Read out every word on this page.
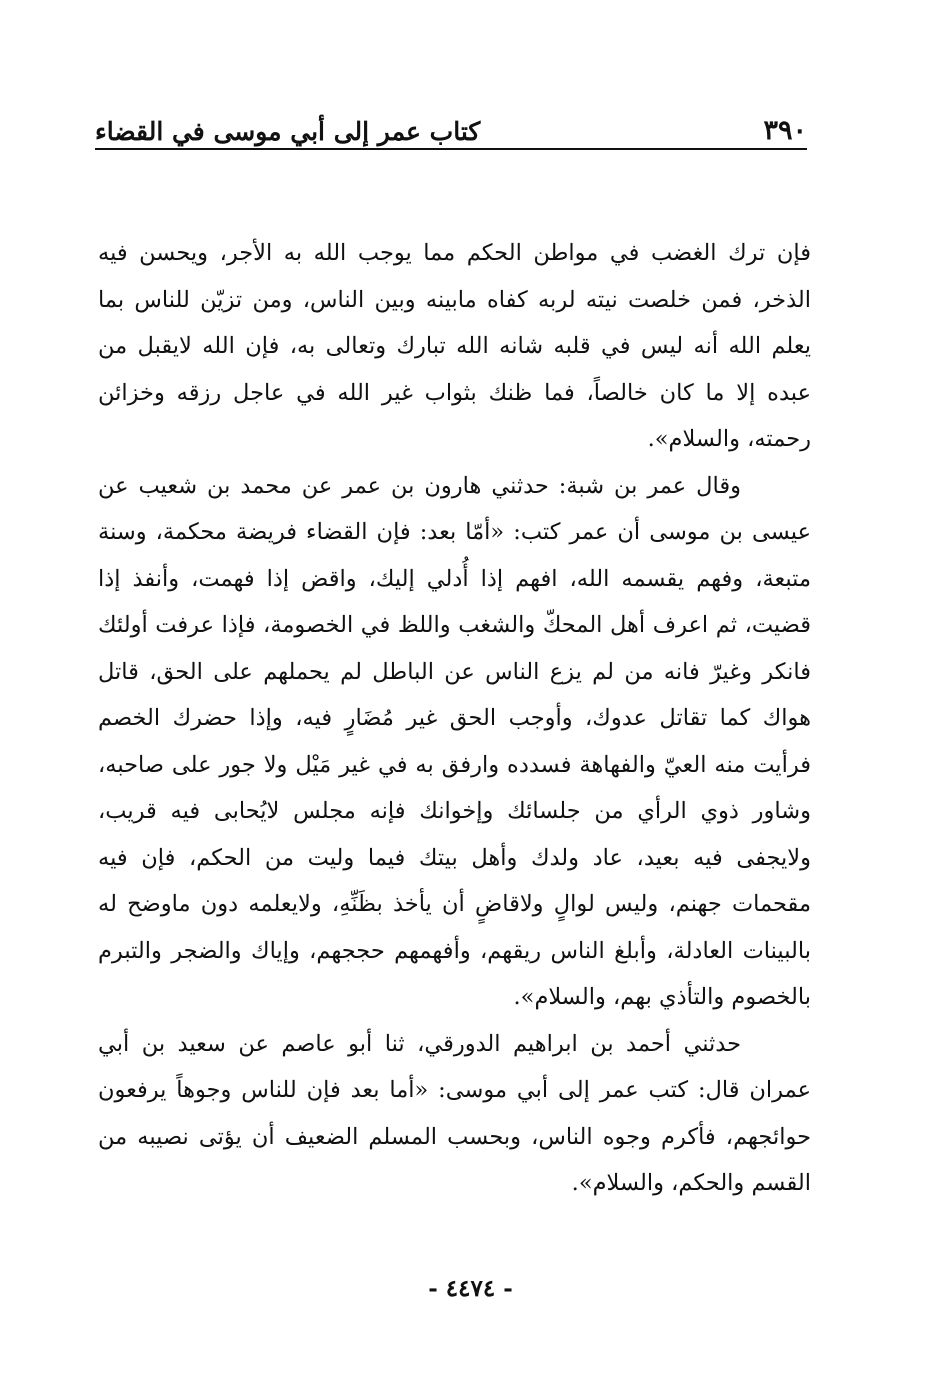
٣٩٠
كتاب عمر إلى أبي موسى في القضاء

فإن ترك الغضب في مواطن الحكم مما يوجب الله به الأجر، ويحسن فيه الذخر، فمن خلصت نيته لربه كفاه مابينه وبين الناس، ومن تزيّن للناس بما يعلم الله أنه ليس في قلبه شانه الله تبارك وتعالى به، فإن الله لايقبل من عبده إلا ما كان خالصاً، فما ظنك بثواب غير الله في عاجل رزقه وخزائن رحمته، والسلام».

وقال عمر بن شبة: حدثني هارون بن عمر عن محمد بن شعيب عن عيسى بن موسى أن عمر كتب: «أمّا بعد: فإن القضاء فريضة محكمة، وسنة متبعة، وفهم يقسمه الله، افهم إذا أُدلي إليك، واقض إذا فهمت، وأنفذ إذا قضيت، ثم اعرف أهل المحكّ والشغب واللظ في الخصومة، فإذا عرفت أولئك فانكر وغيرّ فانه من لم يزع الناس عن الباطل لم يحملهم على الحق، قاتل هواك كما تقاتل عدوك، وأوجب الحق غير مُضَارٍ فيه، وإذا حضرك الخصم فرأيت منه العيّ والفهاهة فسدده وارفق به في غير مَيْل ولا جور على صاحبه، وشاور ذوي الرأي من جلسائك وإخوانك فإنه مجلس لايُحابى فيه قريب، ولايجفى فيه بعيد، عاد ولدك وأهل بيتك فيما وليت من الحكم، فإن فيه مقحمات جهنم، وليس لوالٍ ولاقاضٍ أن يأخذ بظَنِّهِ، ولايعلمه دون ماوضح له بالبينات العادلة، وأبلغ الناس ريقهم، وأفهمهم حججهم، وإياك والضجر والتبرم بالخصوم والتأذي بهم، والسلام».

حدثني أحمد بن ابراهيم الدورقي، ثنا أبو عاصم عن سعيد بن أبي عمران قال: كتب عمر إلى أبي موسى: «أما بعد فإن للناس وجوهاً يرفعون حوائجهم، فأكرم وجوه الناس، وبحسب المسلم الضعيف أن يؤتى نصيبه من القسم والحكم، والسلام».

- ٤٤٧٤ -
